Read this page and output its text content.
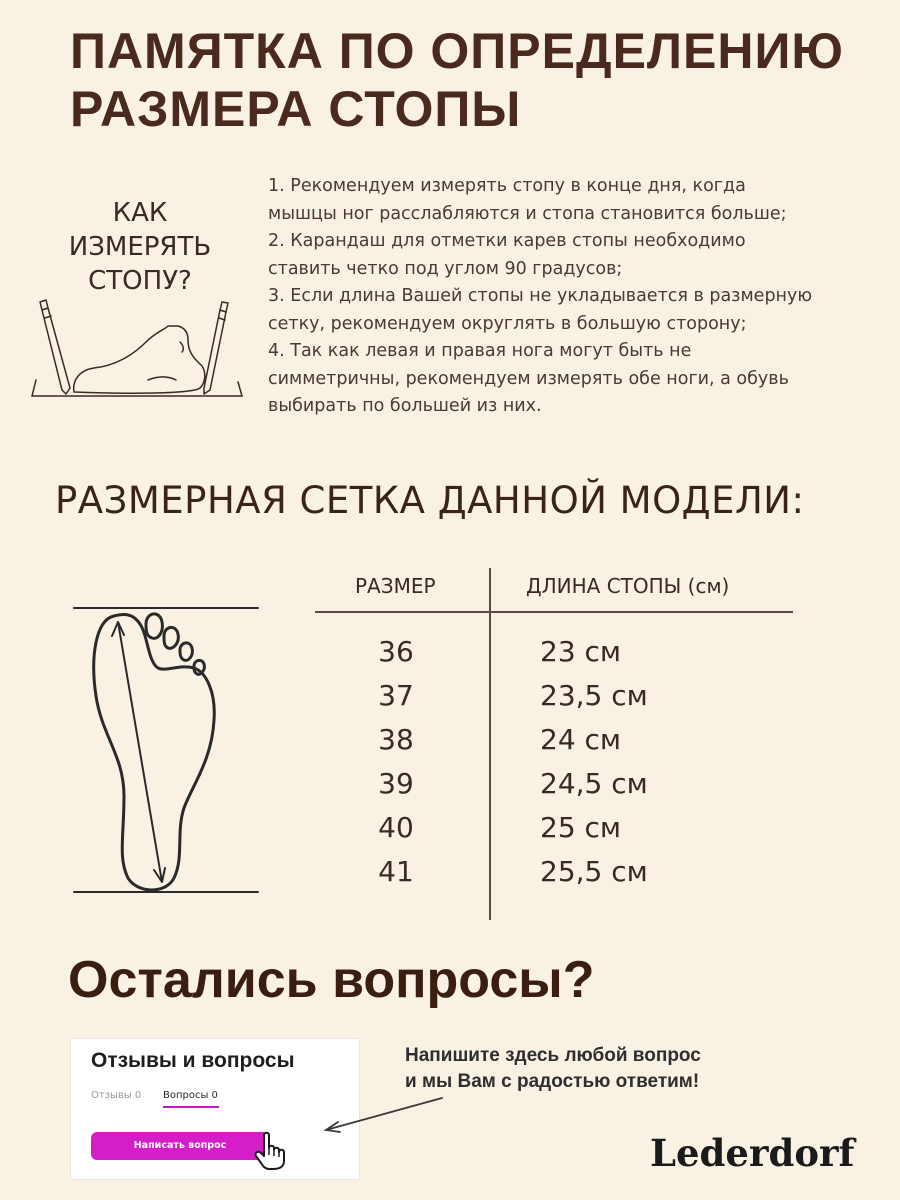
ПАМЯТКА ПО ОПРЕДЕЛЕНИЮ
РАЗМЕРА СТОПЫ
КАК
ИЗМЕРЯТЬ
СТОПУ?
1. Рекомендуем измерять стопу в конце дня, когда
мышцы ног расслабляются и стопа становится больше;
2. Карандаш для отметки карев стопы необходимо
ставить четко под углом 90 градусов;
3. Если длина Вашей стопы не укладывается в размерную
сетку, рекомендуем округлять в большую сторону;
4. Так как левая и правая нога могут быть не
симметричны, рекомендуем измерять обе ноги, а обувь
выбирать по большей из них.
РАЗМЕРНАЯ СЕТКА ДАННОЙ МОДЕЛИ:
РАЗМЕР	ДЛИНА СТОПЫ (см)
36	23 см
37	23,5 см
38	24 см
39	24,5 см
40	25 см
41	25,5 см
Остались вопросы?
Отзывы и вопросы
Отзывы 0 Вопросы 0
Написать вопрос
Напишите здесь любой вопрос
и мы Вам с радостью ответим!
Lederdorf
